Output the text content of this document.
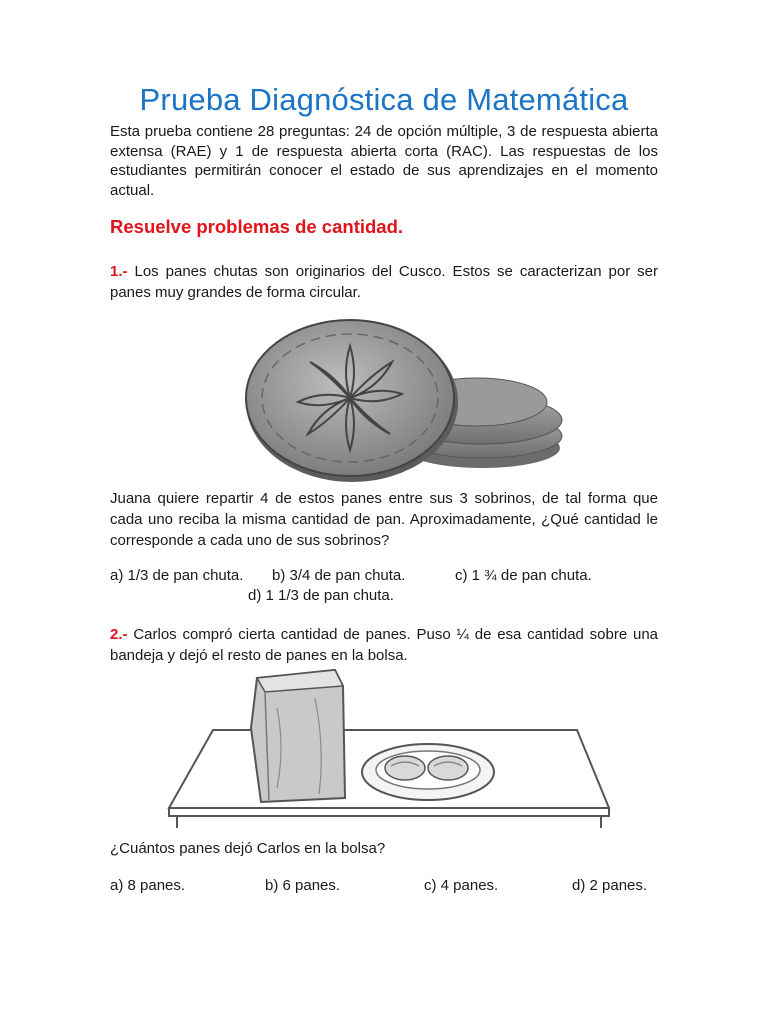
Prueba Diagnóstica de Matemática

Esta prueba contiene 28 preguntas: 24 de opción múltiple, 3 de respuesta abierta extensa (RAE) y 1 de respuesta abierta corta (RAC). Las respuestas de los estudiantes permitirán conocer el estado de sus aprendizajes en el momento actual.

Resuelve problemas de cantidad.

1.- Los panes chutas son originarios del Cusco. Estos se caracterizan por ser panes muy grandes de forma circular.

Juana quiere repartir 4 de estos panes entre sus 3 sobrinos, de tal forma que cada uno reciba la misma cantidad de pan. Aproximadamente, ¿Qué cantidad le corresponde a cada uno de sus sobrinos?

a) 1/3 de pan chuta. b) 3/4 de pan chuta.	c) 1 ¾ de pan chuta.
d) 1 1/3 de pan chuta.

2.- Carlos compró cierta cantidad de panes. Puso ¼ de esa cantidad sobre una bandeja y dejó el resto de panes en la bolsa.

¿Cuántos panes dejó Carlos en la bolsa?

a) 8 panes.	b) 6 panes.	c) 4 panes.	d) 2 panes.
